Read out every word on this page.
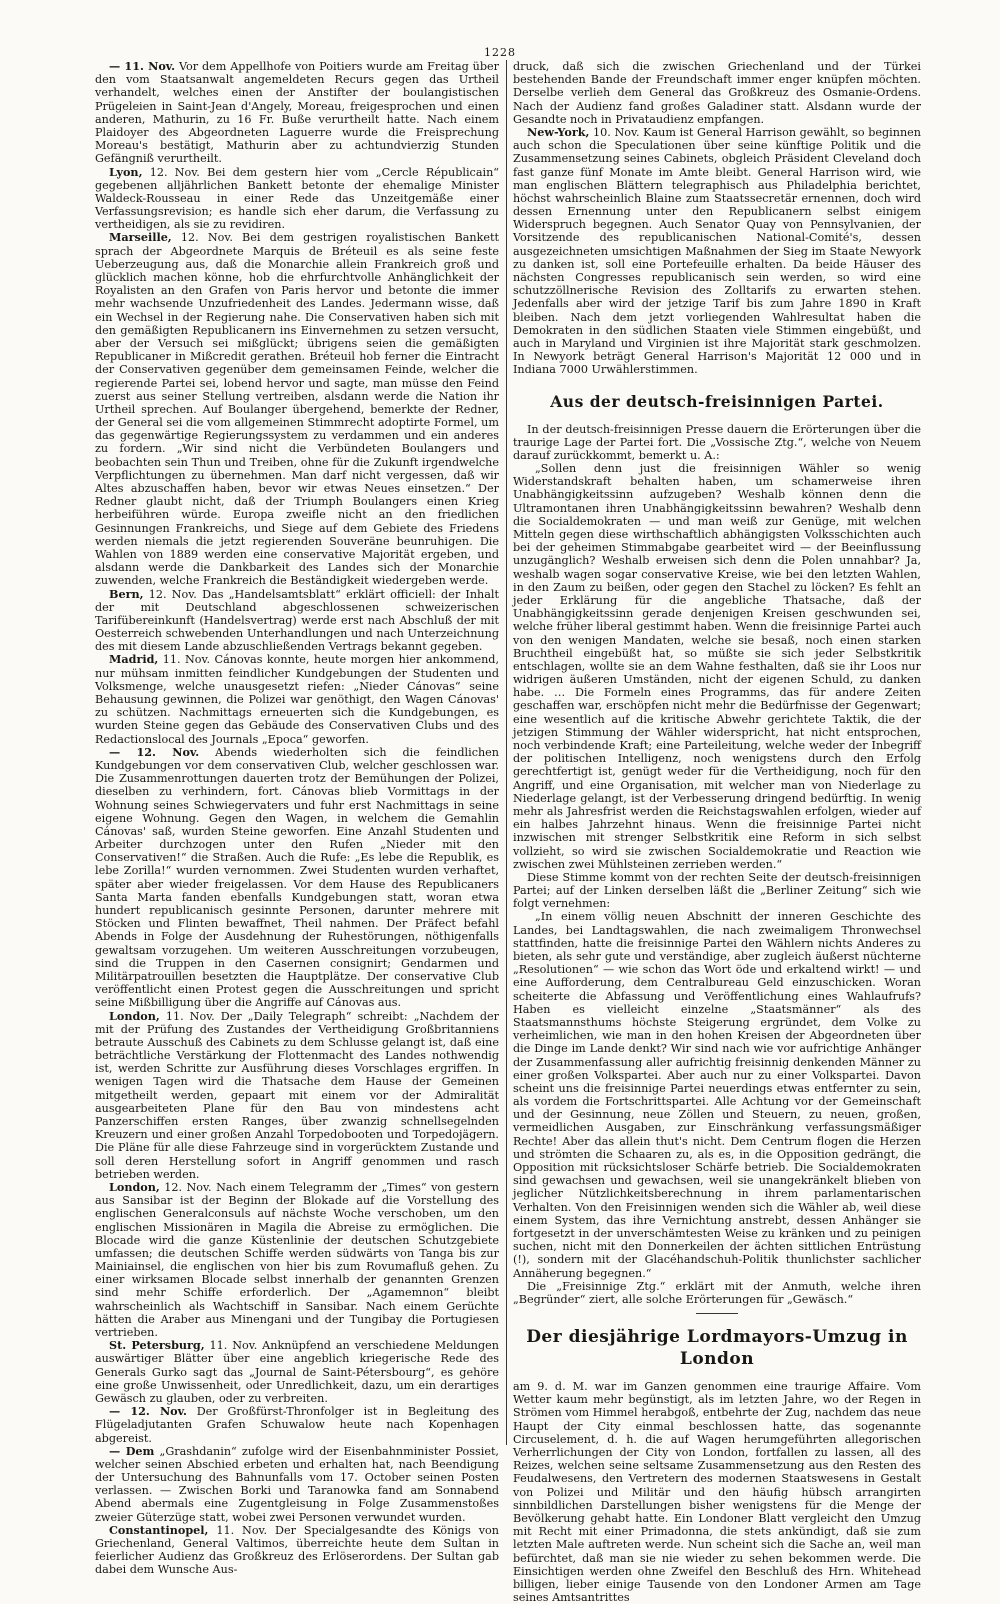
1228

— 11. Nov. Vor dem Appellhofe von Poitiers wurde am Freitag über den vom Staatsanwalt angemeldeten Recurs gegen das Urtheil verhandelt, welches einen der Anstifter der boulangistischen Prügeleien in Saint-Jean d'Angely, Moreau, freigesprochen und einen anderen, Mathurin, zu 16 Fr. Buße verurtheilt hatte. Nach einem Plaidoyer des Abgeordneten Laguerre wurde die Freisprechung Moreau's bestätigt, Mathurin aber zu achtundvierzig Stunden Gefängniß verurtheilt.

Lyon, 12. Nov. Bei dem gestern hier vom „Cercle Républicain“ gegebenen alljährlichen Bankett betonte der ehemalige Minister Waldeck-Rousseau in einer Rede das Unzeitgemäße einer Verfassungsrevision; es handle sich eher darum, die Verfassung zu vertheidigen, als sie zu revidiren.

Marseille, 12. Nov. Bei dem gestrigen royalistischen Bankett sprach der Abgeordnete Marquis de Bréteuil es als seine feste Ueberzeugung aus, daß die Monarchie allein Frankreich groß und glücklich machen könne, hob die ehrfurchtvolle Anhänglichkeit der Royalisten an den Grafen von Paris hervor und betonte die immer mehr wachsende Unzufriedenheit des Landes. Jedermann wisse, daß ein Wechsel in der Regierung nahe. Die Conservativen haben sich mit den gemäßigten Republicanern ins Einvernehmen zu setzen versucht, aber der Versuch sei mißglückt; übrigens seien die gemäßigten Republicaner in Mißcredit gerathen. Bréteuil hob ferner die Eintracht der Conservativen gegenüber dem gemeinsamen Feinde, welcher die regierende Partei sei, lobend hervor und sagte, man müsse den Feind zuerst aus seiner Stellung vertreiben, alsdann werde die Nation ihr Urtheil sprechen. Auf Boulanger übergehend, bemerkte der Redner, der General sei die vom allgemeinen Stimmrecht adoptirte Formel, um das gegenwärtige Regierungssystem zu verdammen und ein anderes zu fordern. „Wir sind nicht die Verbündeten Boulangers und beobachten sein Thun und Treiben, ohne für die Zukunft irgendwelche Verpflichtungen zu übernehmen. Man darf nicht vergessen, daß wir Altes abzuschaffen haben, bevor wir etwas Neues einsetzen.“ Der Redner glaubt nicht, daß der Triumph Boulangers einen Krieg herbeiführen würde. Europa zweifle nicht an den friedlichen Gesinnungen Frankreichs, und Siege auf dem Gebiete des Friedens werden niemals die jetzt regierenden Souveräne beunruhigen. Die Wahlen von 1889 werden eine conservative Majorität ergeben, und alsdann werde die Dankbarkeit des Landes sich der Monarchie zuwenden, welche Frankreich die Beständigkeit wiedergeben werde.

Bern, 12. Nov. Das „Handelsamtsblatt“ erklärt officiell: der Inhalt der mit Deutschland abgeschlossenen schweizerischen Tarifübereinkunft (Handelsvertrag) werde erst nach Abschluß der mit Oesterreich schwebenden Unterhandlungen und nach Unterzeichnung des mit diesem Lande abzuschließenden Vertrags bekannt gegeben.

Madrid, 11. Nov. Cánovas konnte, heute morgen hier ankommend, nur mühsam inmitten feindlicher Kundgebungen der Studenten und Volksmenge, welche unausgesetzt riefen: „Nieder Cánovas“ seine Behausung gewinnen, die Polizei war genöthigt, den Wagen Cánovas' zu schützen. Nachmittags erneuerten sich die Kundgebungen, es wurden Steine gegen das Gebäude des Conservativen Clubs und des Redactionslocal des Journals „Epoca“ geworfen.

— 12. Nov. Abends wiederholten sich die feindlichen Kundgebungen vor dem conservativen Club, welcher geschlossen war. Die Zusammenrottungen dauerten trotz der Bemühungen der Polizei, dieselben zu verhindern, fort. Cánovas blieb Vormittags in der Wohnung seines Schwiegervaters und fuhr erst Nachmittags in seine eigene Wohnung. Gegen den Wagen, in welchem die Gemahlin Cánovas' saß, wurden Steine geworfen. Eine Anzahl Studenten und Arbeiter durchzogen unter den Rufen „Nieder mit den Conservativen!“ die Straßen. Auch die Rufe: „Es lebe die Republik, es lebe Zorilla!“ wurden vernommen. Zwei Studenten wurden verhaftet, später aber wieder freigelassen. Vor dem Hause des Republicaners Santa Marta fanden ebenfalls Kundgebungen statt, woran etwa hundert republicanisch gesinnte Personen, darunter mehrere mit Stöcken und Flinten bewaffnet, Theil nahmen. Der Präfect befahl Abends in Folge der Ausdehnung der Ruhestörungen, nöthigenfalls gewaltsam vorzugehen. Um weiteren Ausschreitungen vorzubeugen, sind die Truppen in den Casernen consignirt; Gendarmen und Militärpatrouillen besetzten die Hauptplätze. Der conservative Club veröffentlicht einen Protest gegen die Ausschreitungen und spricht seine Mißbilligung über die Angriffe auf Cánovas aus.

London, 11. Nov. Der „Daily Telegraph“ schreibt: „Nachdem der mit der Prüfung des Zustandes der Vertheidigung Großbritanniens betraute Ausschuß des Cabinets zu dem Schlusse gelangt ist, daß eine beträchtliche Verstärkung der Flottenmacht des Landes nothwendig ist, werden Schritte zur Ausführung dieses Vorschlages ergriffen. In wenigen Tagen wird die Thatsache dem Hause der Gemeinen mitgetheilt werden, gepaart mit einem vor der Admiralität ausgearbeiteten Plane für den Bau von mindestens acht Panzerschiffen ersten Ranges, über zwanzig schnellsegelnden Kreuzern und einer großen Anzahl Torpedobooten und Torpedojägern. Die Pläne für alle diese Fahrzeuge sind in vorgerücktem Zustande und soll deren Herstellung sofort in Angriff genommen und rasch betrieben werden.

London, 12. Nov. Nach einem Telegramm der „Times“ von gestern aus Sansibar ist der Beginn der Blokade auf die Vorstellung des englischen Generalconsuls auf nächste Woche verschoben, um den englischen Missionären in Magila die Abreise zu ermöglichen. Die Blocade wird die ganze Küstenlinie der deutschen Schutzgebiete umfassen; die deutschen Schiffe werden südwärts von Tanga bis zur Mainiainsel, die englischen von hier bis zum Rovumafluß gehen. Zu einer wirksamen Blocade selbst innerhalb der genannten Grenzen sind mehr Schiffe erforderlich. Der „Agamemnon“ bleibt wahrscheinlich als Wachtschiff in Sansibar. Nach einem Gerüchte hätten die Araber aus Minengani und der Tungibay die Portugiesen vertrieben.

St. Petersburg, 11. Nov. Anknüpfend an verschiedene Meldungen auswärtiger Blätter über eine angeblich kriegerische Rede des Generals Gurko sagt das „Journal de Saint-Pétersbourg“, es gehöre eine große Unwissenheit, oder Unredlichkeit, dazu, um ein derartiges Gewäsch zu glauben, oder zu verbreiten.

— 12. Nov. Der Großfürst-Thronfolger ist in Begleitung des Flügeladjutanten Grafen Schuwalow heute nach Kopenhagen abgereist.

— Dem „Grashdanin“ zufolge wird der Eisenbahnminister Possiet, welcher seinen Abschied erbeten und erhalten hat, nach Beendigung der Untersuchung des Bahnunfalls vom 17. October seinen Posten verlassen. — Zwischen Borki und Taranowka fand am Sonnabend Abend abermals eine Zugentgleisung in Folge Zusammenstoßes zweier Güterzüge statt, wobei zwei Personen verwundet wurden.

Constantinopel, 11. Nov. Der Specialgesandte des Königs von Griechenland, General Valtimos, überreichte heute dem Sultan in feierlicher Audienz das Großkreuz des Erlöserordens. Der Sultan gab dabei dem Wunsche Aus-

druck, daß sich die zwischen Griechenland und der Türkei bestehenden Bande der Freundschaft immer enger knüpfen möchten. Derselbe verlieh dem General das Großkreuz des Osmanie-Ordens. Nach der Audienz fand großes Galadiner statt. Alsdann wurde der Gesandte noch in Privataudienz empfangen.

New-York, 10. Nov. Kaum ist General Harrison gewählt, so beginnen auch schon die Speculationen über seine künftige Politik und die Zusammensetzung seines Cabinets, obgleich Präsident Cleveland doch fast ganze fünf Monate im Amte bleibt. General Harrison wird, wie man englischen Blättern telegraphisch aus Philadelphia berichtet, höchst wahrscheinlich Blaine zum Staatssecretär ernennen, doch wird dessen Ernennung unter den Republicanern selbst einigem Widerspruch begegnen. Auch Senator Quay von Pennsylvanien, der Vorsitzende des republicanischen National-Comité's, dessen ausgezeichneten umsichtigen Maßnahmen der Sieg im Staate Newyork zu danken ist, soll eine Portefeuille erhalten. Da beide Häuser des nächsten Congresses republicanisch sein werden, so wird eine schutzzöllnerische Revision des Zolltarifs zu erwarten stehen. Jedenfalls aber wird der jetzige Tarif bis zum Jahre 1890 in Kraft bleiben. Nach dem jetzt vorliegenden Wahlresultat haben die Demokraten in den südlichen Staaten viele Stimmen eingebüßt, und auch in Maryland und Virginien ist ihre Majorität stark geschmolzen. In Newyork beträgt General Harrison's Majorität 12 000 und in Indiana 7000 Urwählerstimmen.

Aus der deutsch-freisinnigen Partei.

In der deutsch-freisinnigen Presse dauern die Erörterungen über die traurige Lage der Partei fort. Die „Vossische Ztg.“, welche von Neuem darauf zurückkommt, bemerkt u. A.:

„Sollen denn just die freisinnigen Wähler so wenig Widerstandskraft behalten haben, um schamerweise ihren Unabhängigkeitssinn aufzugeben? Weshalb können denn die Ultramontanen ihren Unabhängigkeitssinn bewahren? Weshalb denn die Socialdemokraten — und man weiß zur Genüge, mit welchen Mitteln gegen diese wirthschaftlich abhängigsten Volksschichten auch bei der geheimen Stimmabgabe gearbeitet wird — der Beeinflussung unzugänglich? Weshalb erweisen sich denn die Polen unnahbar? Ja, weshalb wagen sogar conservative Kreise, wie bei den letzten Wahlen, in den Zaum zu beißen, oder gegen den Stachel zu löcken? Es fehlt an jeder Erklärung für die angebliche Thatsache, daß der Unabhängigkeitssinn gerade denjenigen Kreisen geschwunden sei, welche früher liberal gestimmt haben. Wenn die freisinnige Partei auch von den wenigen Mandaten, welche sie besaß, noch einen starken Bruchtheil eingebüßt hat, so müßte sie sich jeder Selbstkritik entschlagen, wollte sie an dem Wahne festhalten, daß sie ihr Loos nur widrigen äußeren Umständen, nicht der eigenen Schuld, zu danken habe. … Die Formeln eines Programms, das für andere Zeiten geschaffen war, erschöpfen nicht mehr die Bedürfnisse der Gegenwart; eine wesentlich auf die kritische Abwehr gerichtete Taktik, die der jetzigen Stimmung der Wähler widerspricht, hat nicht entsprochen, noch verbindende Kraft; eine Parteileitung, welche weder der Inbegriff der politischen Intelligenz, noch wenigstens durch den Erfolg gerechtfertigt ist, genügt weder für die Vertheidigung, noch für den Angriff, und eine Organisation, mit welcher man von Niederlage zu Niederlage gelangt, ist der Verbesserung dringend bedürftig. In wenig mehr als Jahresfrist werden die Reichstagswahlen erfolgen, wieder auf ein halbes Jahrzehnt hinaus. Wenn die freisinnige Partei nicht inzwischen mit strenger Selbstkritik eine Reform in sich selbst vollzieht, so wird sie zwischen Socialdemokratie und Reaction wie zwischen zwei Mühlsteinen zerrieben werden.“

Diese Stimme kommt von der rechten Seite der deutsch-freisinnigen Partei; auf der Linken derselben läßt die „Berliner Zeitung“ sich wie folgt vernehmen:

„In einem völlig neuen Abschnitt der inneren Geschichte des Landes, bei Landtagswahlen, die nach zweimaligem Thronwechsel stattfinden, hatte die freisinnige Partei den Wählern nichts Anderes zu bieten, als sehr gute und verständige, aber zugleich äußerst nüchterne „Resolutionen“ — wie schon das Wort öde und erkaltend wirkt! — und eine Aufforderung, dem Centralbureau Geld einzuschicken. Woran scheiterte die Abfassung und Veröffentlichung eines Wahlaufrufs? Haben es vielleicht einzelne „Staatsmänner“ als des Staatsmannsthums höchste Steigerung ergründet, dem Volke zu verheimlichen, wie man in den hohen Kreisen der Abgeordneten über die Dinge im Lande denkt? Wir sind nach wie vor aufrichtige Anhänger der Zusammenfassung aller aufrichtig freisinnig denkenden Männer zu einer großen Volkspartei. Aber auch nur zu einer Volkspartei. Davon scheint uns die freisinnige Partei neuerdings etwas entfernter zu sein, als vordem die Fortschrittspartei. Alle Achtung vor der Gemeinschaft und der Gesinnung, neue Zöllen und Steuern, zu neuen, großen, vermeidlichen Ausgaben, zur Einschränkung verfassungsmäßiger Rechte! Aber das allein thut's nicht. Dem Centrum flogen die Herzen und strömten die Schaaren zu, als es, in die Opposition gedrängt, die Opposition mit rücksichtsloser Schärfe betrieb. Die Socialdemokraten sind gewachsen und gewachsen, weil sie unangekränkelt blieben von jeglicher Nützlichkeitsberechnung in ihrem parlamentarischen Verhalten. Von den Freisinnigen wenden sich die Wähler ab, weil diese einem System, das ihre Vernichtung anstrebt, dessen Anhänger sie fortgesetzt in der unverschämtesten Weise zu kränken und zu peinigen suchen, nicht mit den Donnerkeilen der ächten sittlichen Entrüstung (!), sondern mit der Glacéhandschuh-Politik thunlichster sachlicher Annäherung begegnen.“

Die „Freisinnige Ztg.“ erklärt mit der Anmuth, welche ihren „Begründer“ ziert, alle solche Erörterungen für „Gewäsch.“

Der diesjährige Lordmayors-Umzug in London

am 9. d. M. war im Ganzen genommen eine traurige Affaire. Vom Wetter kaum mehr begünstigt, als im letzten Jahre, wo der Regen in Strömen vom Himmel herabgoß, entbehrte der Zug, nachdem das neue Haupt der City einmal beschlossen hatte, das sogenannte Circuselement, d. h. die auf Wagen herumgeführten allegorischen Verherrlichungen der City von London, fortfallen zu lassen, all des Reizes, welchen seine seltsame Zusammensetzung aus den Resten des Feudalwesens, den Vertretern des modernen Staatswesens in Gestalt von Polizei und Militär und den häufig hübsch arrangirten sinnbildlichen Darstellungen bisher wenigstens für die Menge der Bevölkerung gehabt hatte. Ein Londoner Blatt vergleicht den Umzug mit Recht mit einer Primadonna, die stets ankündigt, daß sie zum letzten Male auftreten werde. Nun scheint sich die Sache an, weil man befürchtet, daß man sie nie wieder zu sehen bekommen werde. Die Einsichtigen werden ohne Zweifel den Beschluß des Hrn. Whitehead billigen, lieber einige Tausende von den Londoner Armen am Tage seines Amtsantrittes
